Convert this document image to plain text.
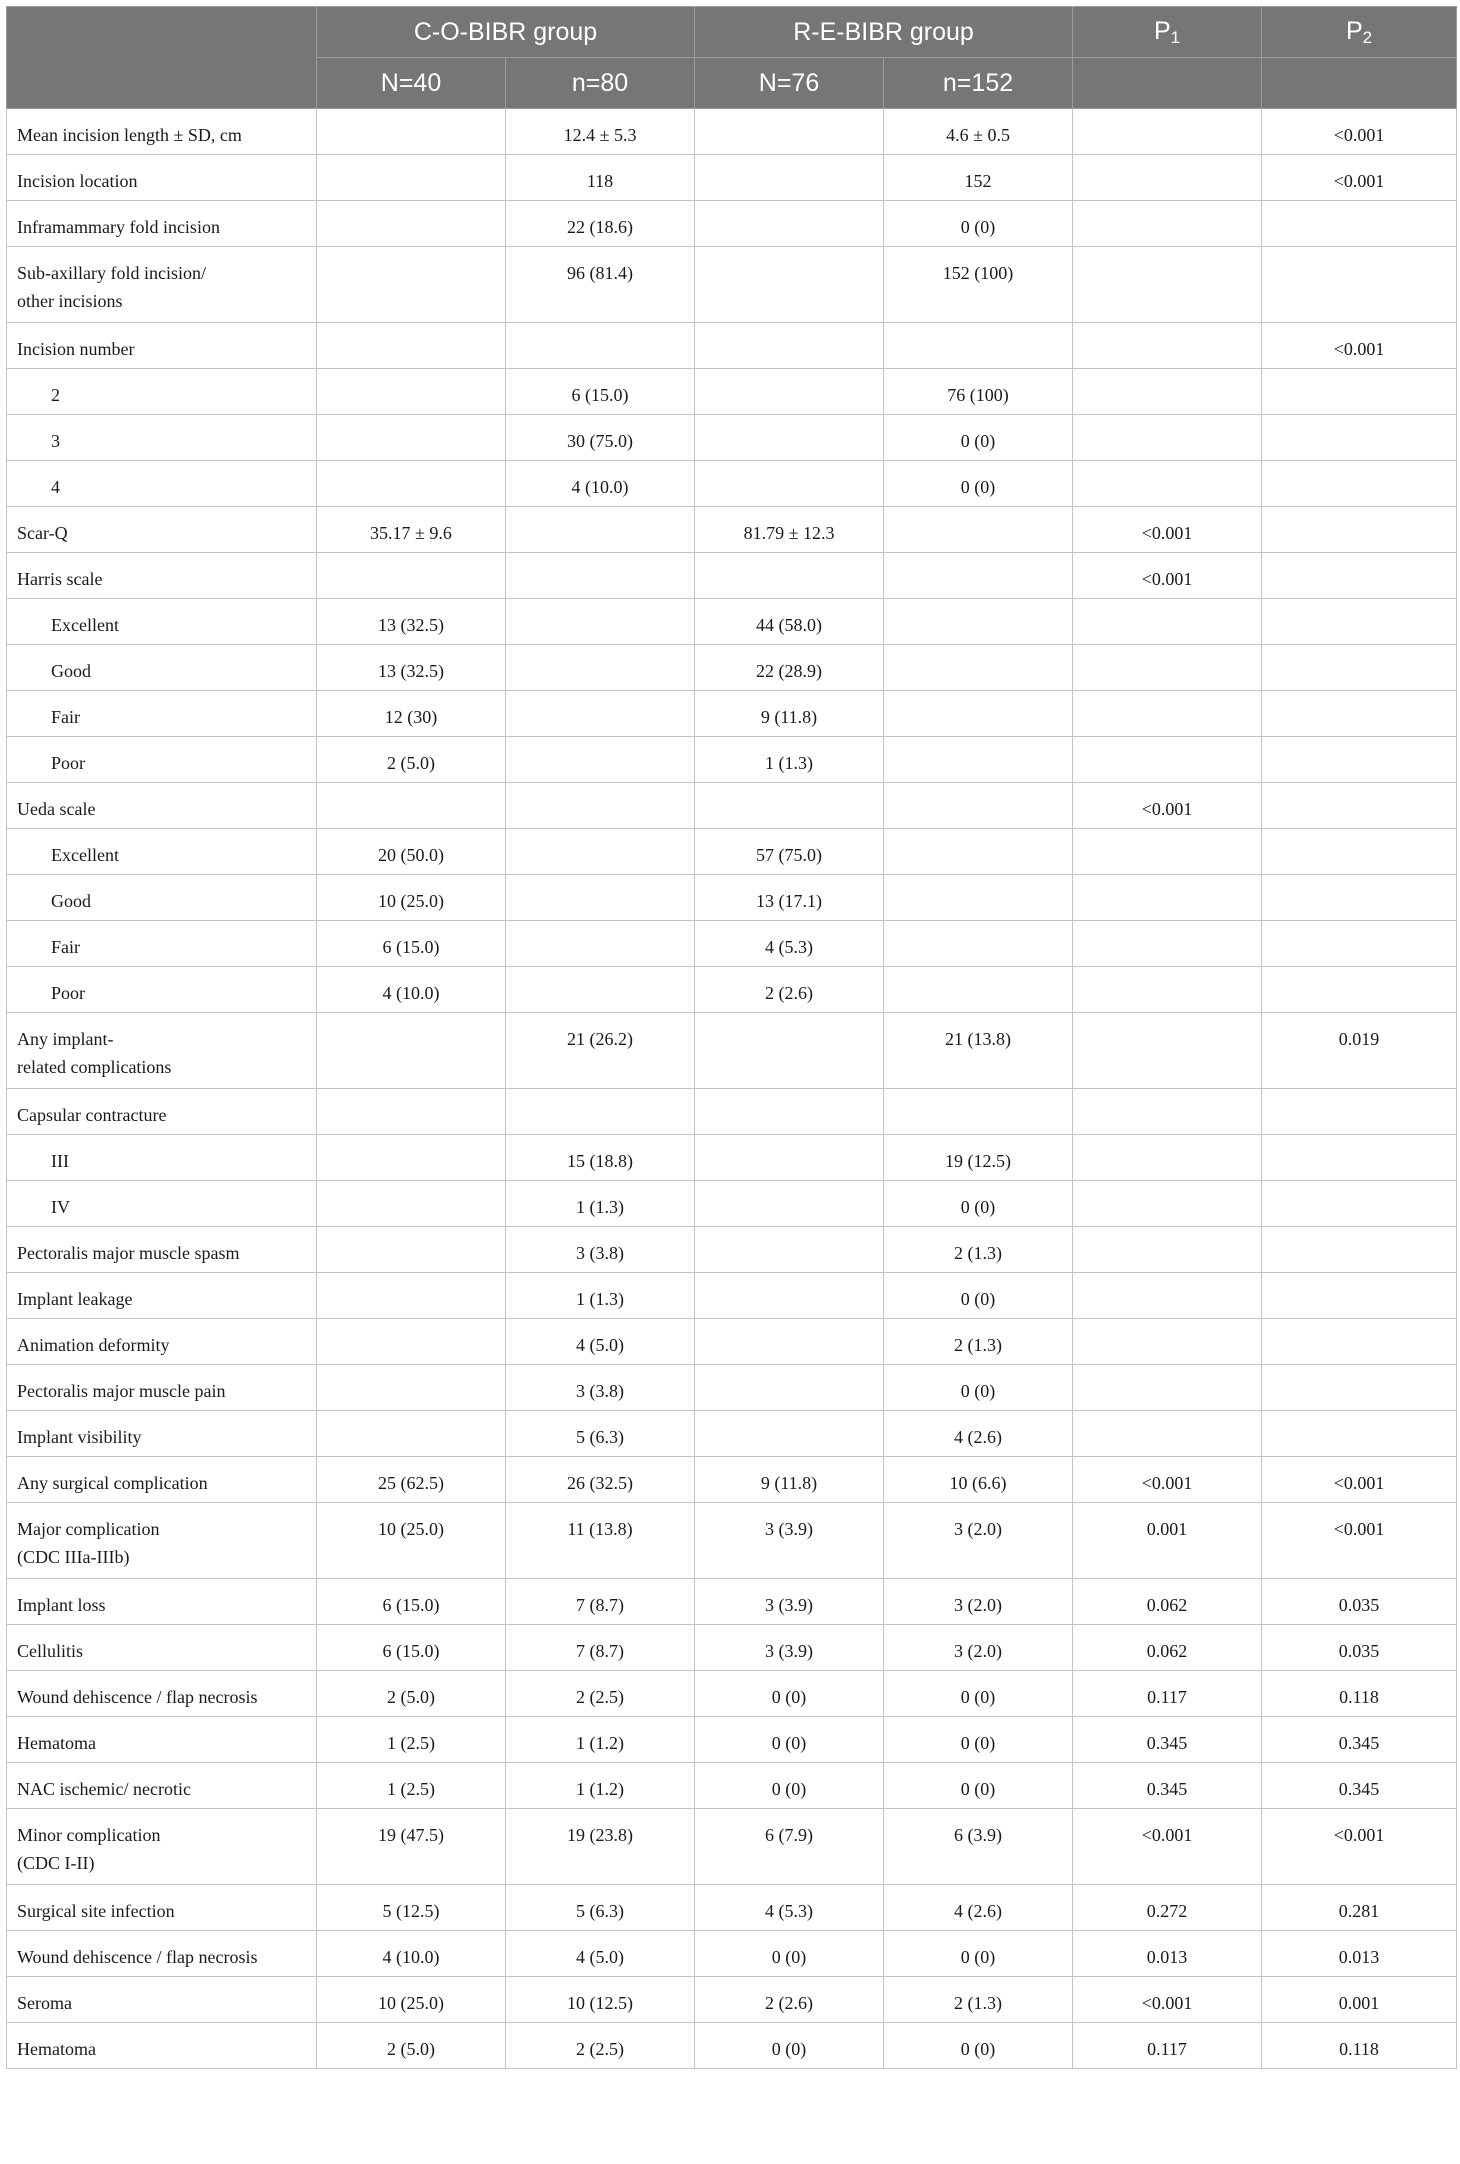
	C-O-BIBR group		R-E-BIBR group		$P_1$	$P_2$
	N=40	n=80	N=76	n=152		

Mean incision length ± SD, cm		12.4 ± 5.3		4.6 ± 0.5		<0.001

Incision location		118		152		<0.001

Inframammary fold incision		22 (18.6)		0 (0)		

Sub-axillary fold incision/
other incisions		96 (81.4)		152 (100)		

Incision number						<0.001

2		6 (15.0)		76 (100)		

3		30 (75.0)		0 (0)		

4		4 (10.0)		0 (0)		

Scar-Q	35.17 ± 9.6		81.79 ± 12.3		<0.001	

Harris scale					<0.001	

Excellent	13 (32.5)		44 (58.0)			

Good	13 (32.5)		22 (28.9)			

Fair	12 (30)		9 (11.8)			

Poor	2 (5.0)		1 (1.3)			

Ueda scale					<0.001	

Excellent	20 (50.0)		57 (75.0)			

Good	10 (25.0)		13 (17.1)			

Fair	6 (15.0)		4 (5.3)			

Poor	4 (10.0)		2 (2.6)			

Any implant-
related complications		21 (26.2)		21 (13.8)		0.019

Capsular contracture						

III		15 (18.8)		19 (12.5)		

IV		1 (1.3)		0 (0)		

Pectoralis major muscle spasm		3 (3.8)		2 (1.3)		

Implant leakage		1 (1.3)		0 (0)		

Animation deformity		4 (5.0)		2 (1.3)		

Pectoralis major muscle pain		3 (3.8)		0 (0)		

Implant visibility		5 (6.3)		4 (2.6)		

Any surgical complication	25 (62.5)	26 (32.5)	9 (11.8)	10 (6.6)	<0.001	<0.001

Major complication
(CDC IIIa-IIIb)	10 (25.0)	11 (13.8)	3 (3.9)	3 (2.0)	0.001	<0.001

Implant loss	6 (15.0)	7 (8.7)	3 (3.9)	3 (2.0)	0.062	0.035

Cellulitis	6 (15.0)	7 (8.7)	3 (3.9)	3 (2.0)	0.062	0.035

Wound dehiscence / flap necrosis	2 (5.0)	2 (2.5)	0 (0)	0 (0)	0.117	0.118

Hematoma	1 (2.5)	1 (1.2)	0 (0)	0 (0)	0.345	0.345

NAC ischemic/ necrotic	1 (2.5)	1 (1.2)	0 (0)	0 (0)	0.345	0.345

Minor complication
(CDC I-II)	19 (47.5)	19 (23.8)	6 (7.9)	6 (3.9)	<0.001	<0.001

Surgical site infection	5 (12.5)	5 (6.3)	4 (5.3)	4 (2.6)	0.272	0.281

Wound dehiscence / flap necrosis	4 (10.0)	4 (5.0)	0 (0)	0 (0)	0.013	0.013

Seroma	10 (25.0)	10 (12.5)	2 (2.6)	2 (1.3)	<0.001	0.001

Hematoma	2 (5.0)	2 (2.5)	0 (0)	0 (0)	0.117	0.118
